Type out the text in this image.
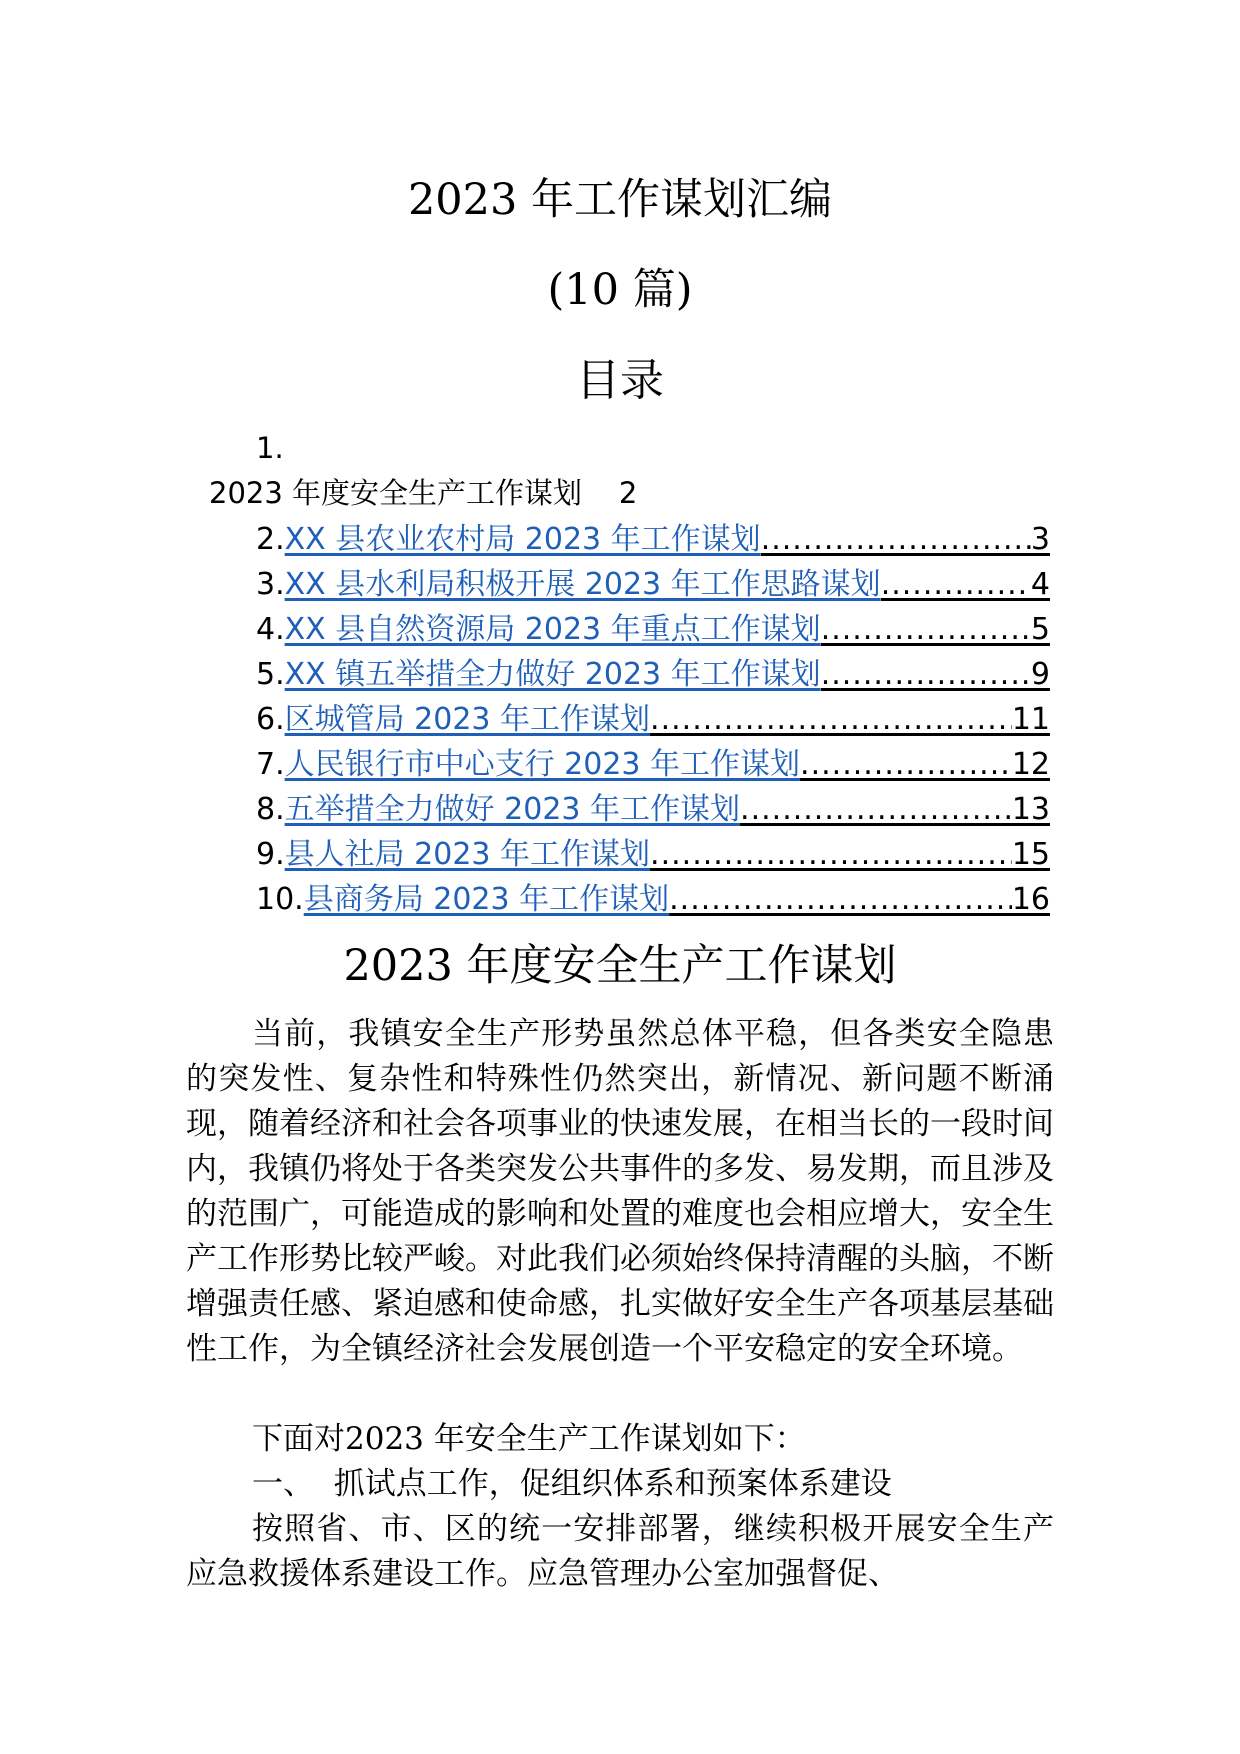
2023 年工作谋划汇编
(10 篇)
目录
1.
2023 年度安全生产工作谋划 2
2. XX 县农业农村局 2023 年工作谋划 .....	3
3. XX 县水利局积极开展 2023 年工作思路谋划 .....	4
4. XX 县自然资源局 2023 年重点工作谋划 .....	5
5. XX 镇五举措全力做好 2023 年工作谋划 .....	9
6. 区城管局 2023 年工作谋划 .....	11
7. 人民银行市中心支行 2023 年工作谋划 .....	12
8. 五举措全力做好 2023 年工作谋划 .....	13
9. 县人社局 2023 年工作谋划 .....	15
10. 县商务局 2023 年工作谋划 .....	16
2023 年度安全生产工作谋划

当前，我镇安全生产形势虽然总体平稳，但各类安全隐患的突发性、复杂性和特殊性仍然突出，新情况、新问题不断涌现，随着经济和社会各项事业的快速发展，在相当长的一段时间内，我镇仍将处于各类突发公共事件的多发、易发期，而且涉及的范围广，可能造成的影响和处置的难度也会相应增大，安全生产工作形势比较严峻。对此我们必须始终保持清醒的头脑，不断增强责任感、紧迫感和使命感，扎实做好安全生产各项基层基础性工作，为全镇经济社会发展创造一个平安稳定的安全环境。

下面对2023 年安全生产工作谋划如下：

一、  抓试点工作，促组织体系和预案体系建设

按照省、市、区的统一安排部署，继续积极开展安全生产应急救援体系建设工作。应急管理办公室加强督促、
